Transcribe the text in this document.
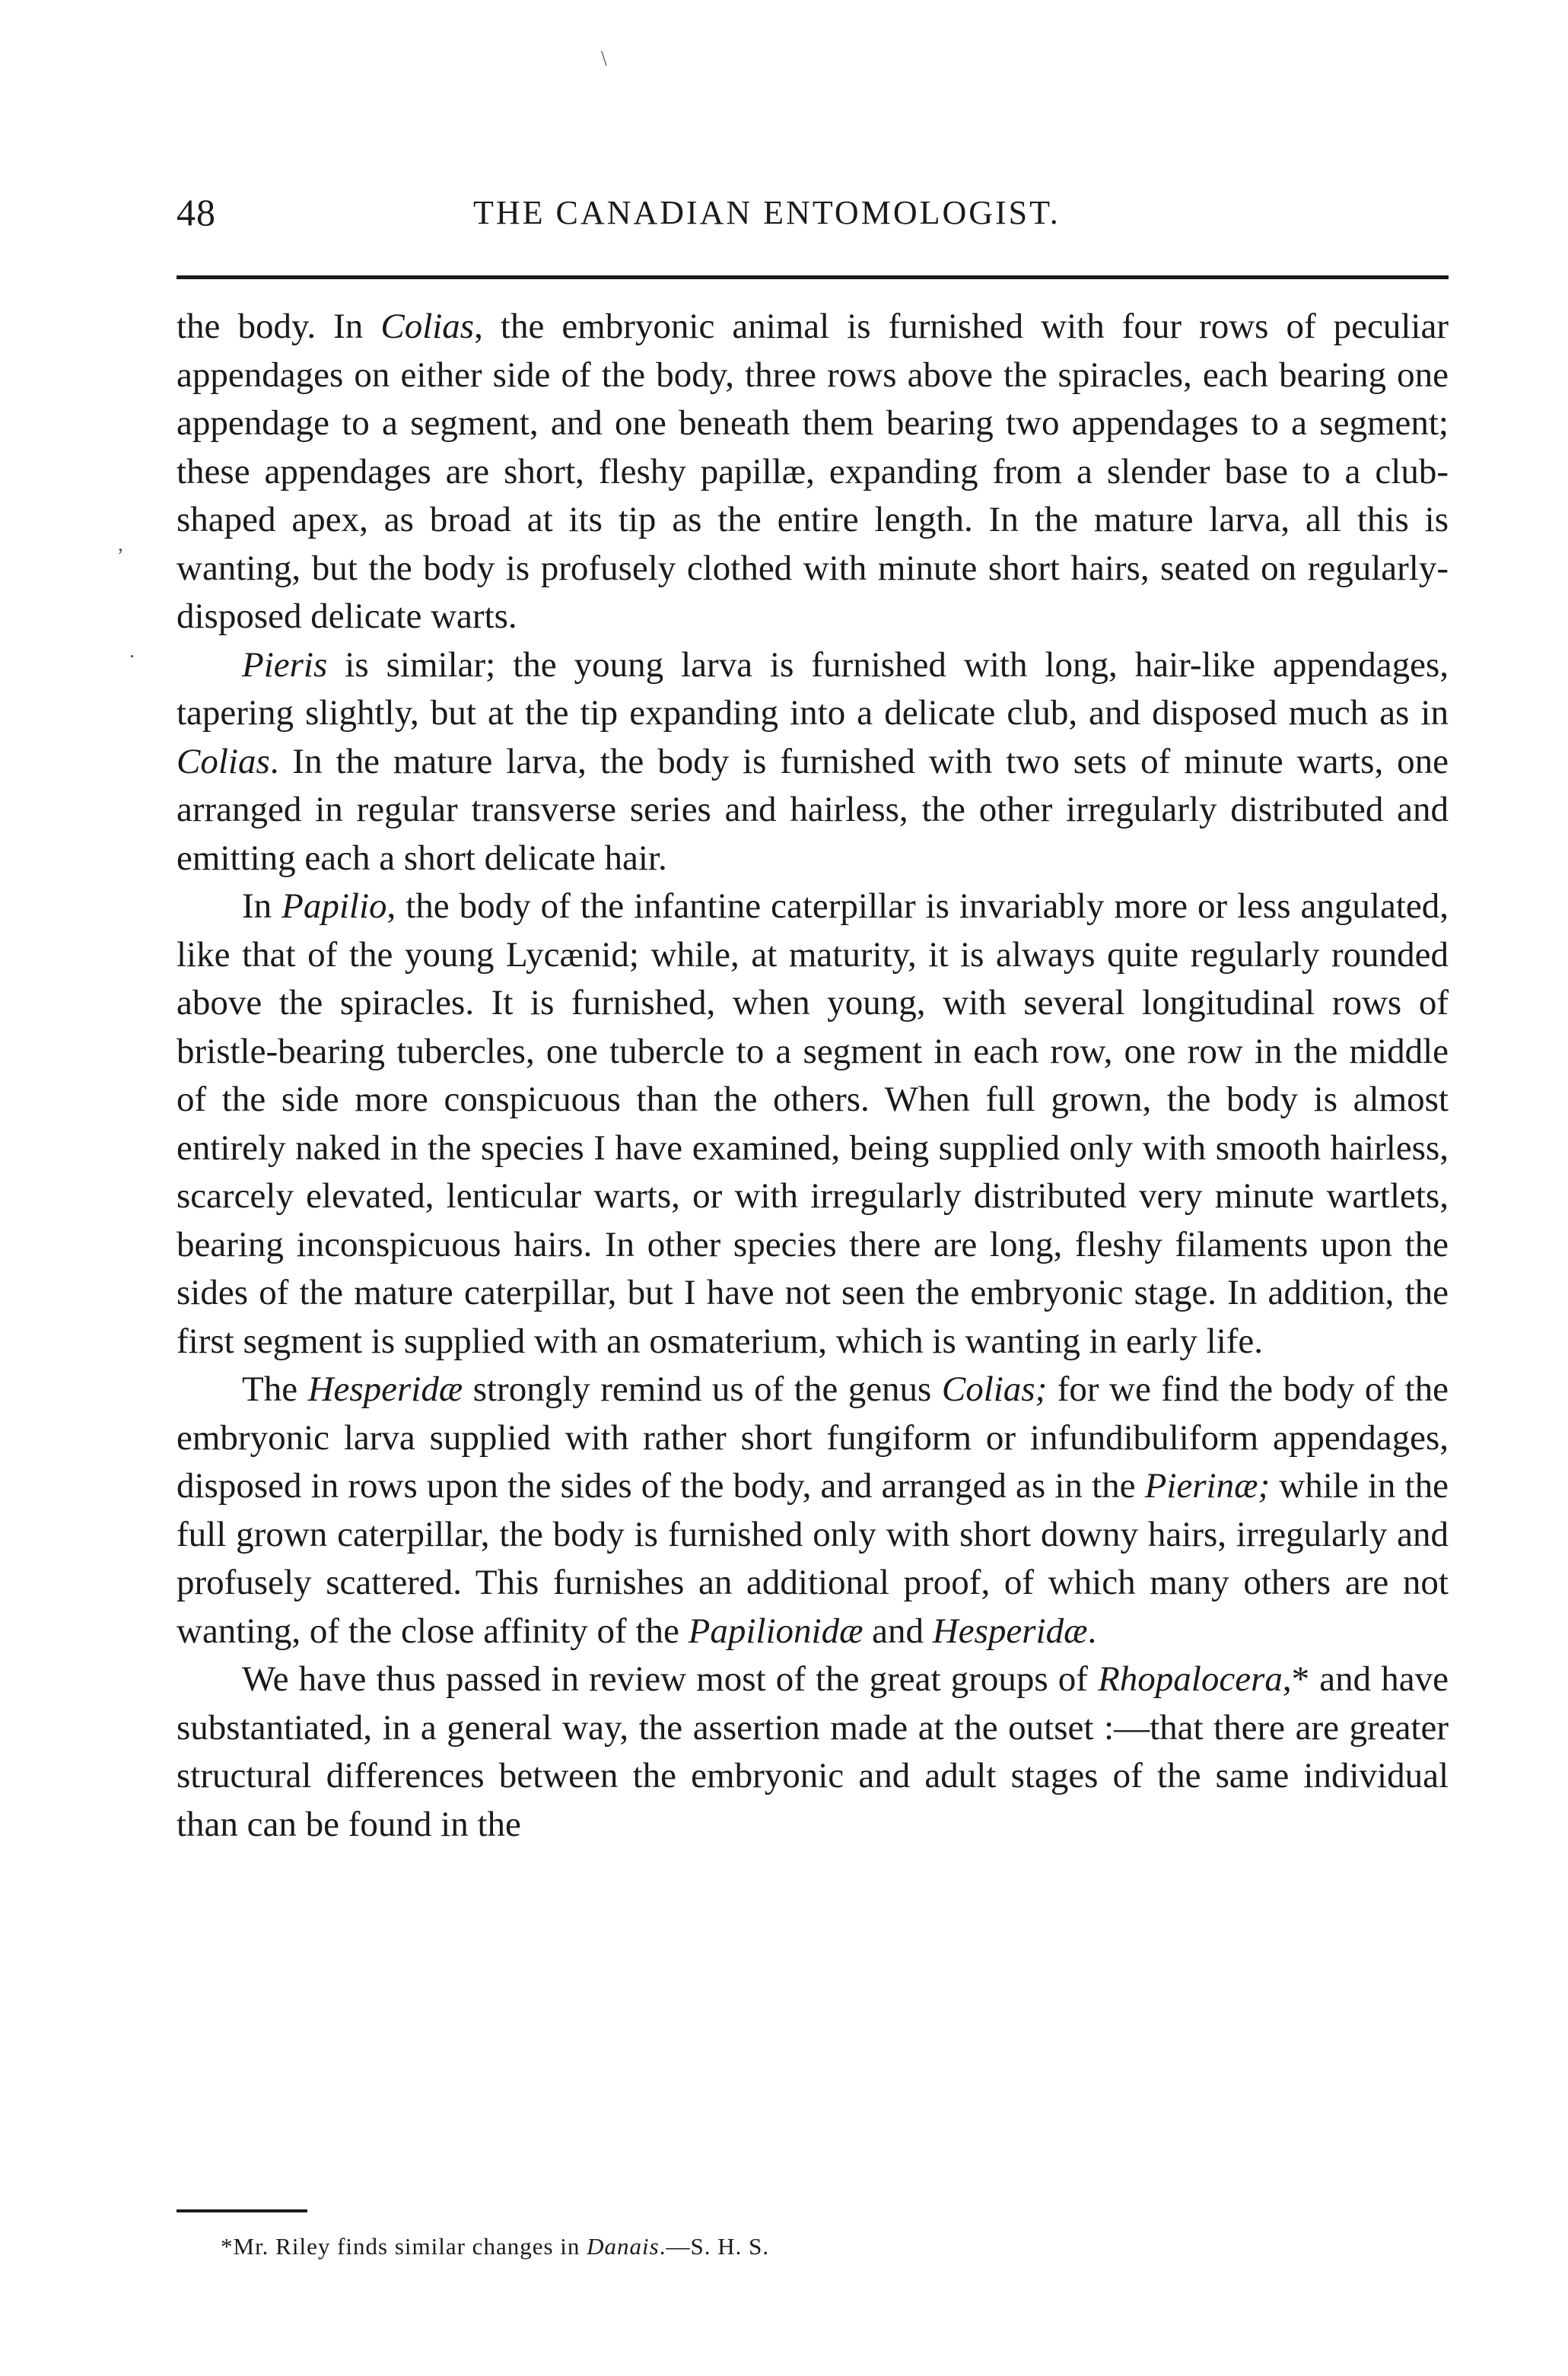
\
,
.
48	THE CANADIAN ENTOMOLOGIST.

the body. In Colias, the embryonic animal is furnished with four rows of peculiar appendages on either side of the body, three rows above the spiracles, each bearing one appendage to a segment, and one beneath them bearing two appendages to a segment; these appendages are short, fleshy papillæ, expanding from a slender base to a club-shaped apex, as broad at its tip as the entire length. In the mature larva, all this is wanting, but the body is profusely clothed with minute short hairs, seated on regularly-disposed delicate warts.

Pieris is similar; the young larva is furnished with long, hair-like appendages, tapering slightly, but at the tip expanding into a delicate club, and disposed much as in Colias. In the mature larva, the body is furnished with two sets of minute warts, one arranged in regular transverse series and hairless, the other irregularly distributed and emitting each a short delicate hair.

In Papilio, the body of the infantine caterpillar is invariably more or less angulated, like that of the young Lycænid; while, at maturity, it is always quite regularly rounded above the spiracles. It is furnished, when young, with several longitudinal rows of bristle-bearing tubercles, one tubercle to a segment in each row, one row in the middle of the side more conspicuous than the others. When full grown, the body is almost entirely naked in the species I have examined, being supplied only with smooth hairless, scarcely elevated, lenticular warts, or with irregularly distributed very minute wartlets, bearing inconspicuous hairs. In other species there are long, fleshy filaments upon the sides of the mature caterpillar, but I have not seen the embryonic stage. In addition, the first segment is supplied with an osmaterium, which is wanting in early life.

The Hesperidæ strongly remind us of the genus Colias; for we find the body of the embryonic larva supplied with rather short fungiform or infundibuliform appendages, disposed in rows upon the sides of the body, and arranged as in the Pierinæ; while in the full grown caterpillar, the body is furnished only with short downy hairs, irregularly and profusely scattered. This furnishes an additional proof, of which many others are not wanting, of the close affinity of the Papilionidæ and Hesperidæ.

We have thus passed in review most of the great groups of Rhopalocera,* and have substantiated, in a general way, the assertion made at the outset :—that there are greater structural differences between the embryonic and adult stages of the same individual than can be found in the

*Mr. Riley finds similar changes in Danais.—S. H. S.
